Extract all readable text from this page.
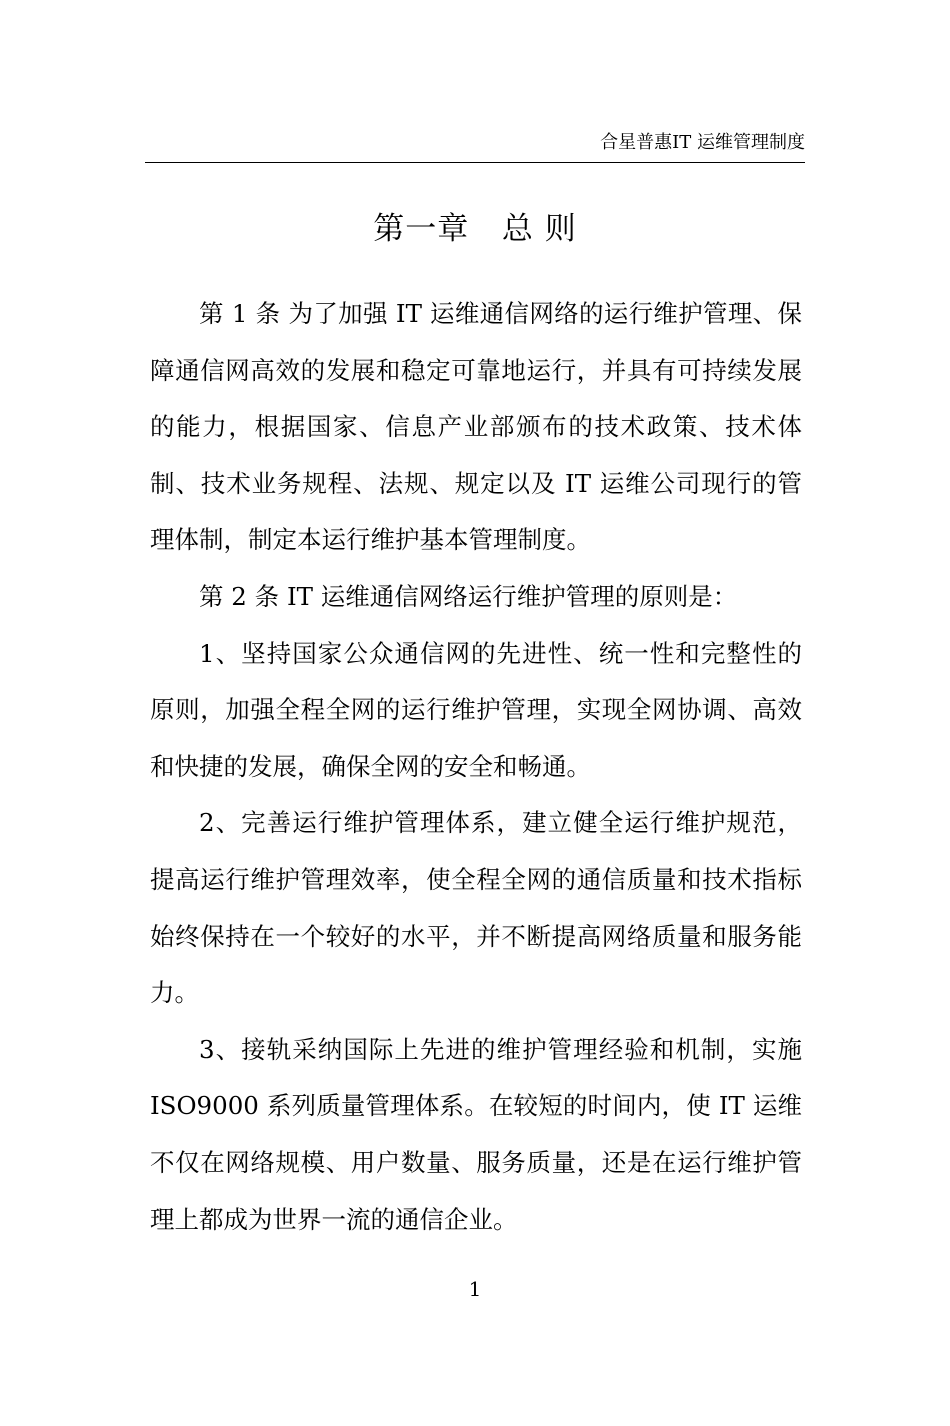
合星普惠IT 运维管理制度
第一章   总 则

第 1 条 为了加强 IT 运维通信网络的运行维护管理、保障通信网高效的发展和稳定可靠地运行，并具有可持续发展的能力，根据国家、信息产业部颁布的技术政策、技术体制、技术业务规程、法规、规定以及 IT 运维公司现行的管理体制，制定本运行维护基本管理制度。

第 2 条 IT 运维通信网络运行维护管理的原则是：

1、坚持国家公众通信网的先进性、统一性和完整性的原则，加强全程全网的运行维护管理，实现全网协调、高效和快捷的发展，确保全网的安全和畅通。

2、完善运行维护管理体系，建立健全运行维护规范，提高运行维护管理效率，使全程全网的通信质量和技术指标始终保持在一个较好的水平，并不断提高网络质量和服务能力。

3、接轨采纳国际上先进的维护管理经验和机制，实施 ISO9000 系列质量管理体系。在较短的时间内，使 IT 运维不仅在网络规模、用户数量、服务质量，还是在运行维护管理上都成为世界一流的通信企业。

1
